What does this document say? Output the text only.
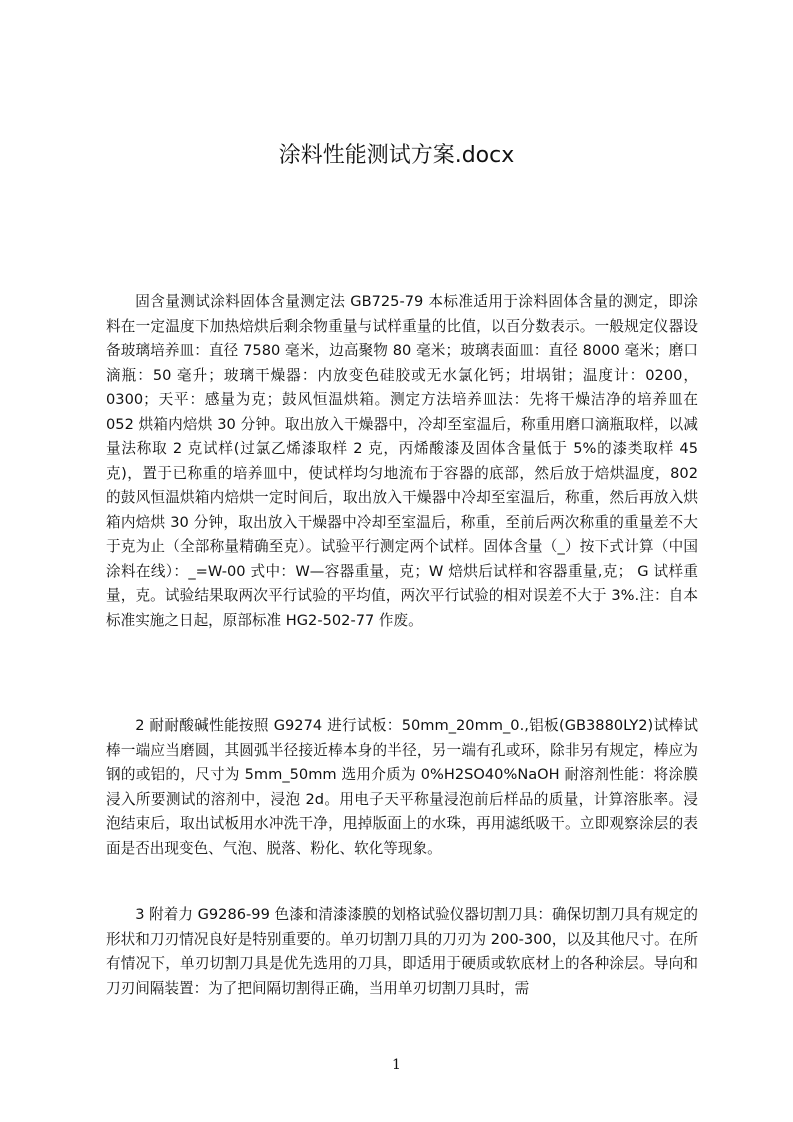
涂料性能测试方案.docx
固含量测试涂料固体含量测定法 GB725-79 本标准适用于涂料固体含量的测定，即涂料在一定温度下加热焙烘后剩余物重量与试样重量的比值，以百分数表示。一般规定仪器设备玻璃培养皿：直径 7580 毫米，边高聚物 80 毫米；玻璃表面皿：直径 8000 毫米；磨口滴瓶：50 毫升；玻璃干燥器：内放变色硅胶或无水氯化钙；坩埚钳；温度计：0200，0300；天平：感量为克；鼓风恒温烘箱。测定方法培养皿法：先将干燥洁净的培养皿在 052 烘箱内焙烘 30 分钟。取出放入干燥器中，冷却至室温后，称重用磨口滴瓶取样，以减量法称取 2 克试样(过氯乙烯漆取样 2 克，丙烯酸漆及固体含量低于 5%的漆类取样 45 克)，置于已称重的培养皿中，使试样均匀地流布于容器的底部，然后放于焙烘温度，802 的鼓风恒温烘箱内焙烘一定时间后，取出放入干燥器中冷却至室温后，称重，然后再放入烘箱内焙烘 30 分钟，取出放入干燥器中冷却至室温后，称重，至前后两次称重的重量差不大于克为止（全部称量精确至克）。试验平行测定两个试样。固体含量（_）按下式计算（中国涂料在线）：_=W-00 式中：W—容器重量，克；W 焙烘后试样和容器重量,克； G 试样重量，克。试验结果取两次平行试验的平均值，两次平行试验的相对误差不大于 3%.注：自本标准实施之日起，原部标准 HG2-502-77 作废。
2 耐耐酸碱性能按照 G9274 进行试板：50mm_20mm_0.,铝板(GB3880LY2)试棒试棒一端应当磨圆，其圆弧半径接近棒本身的半径，另一端有孔或环，除非另有规定，棒应为钢的或铝的，尺寸为 5mm_50mm 选用介质为 0%H2SO40%NaOH 耐溶剂性能：将涂膜浸入所要测试的溶剂中，浸泡 2d。用电子天平称量浸泡前后样品的质量，计算溶胀率。浸泡结束后，取出试板用水冲洗干净，甩掉版面上的水珠，再用滤纸吸干。立即观察涂层的表面是否出现变色、气泡、脱落、粉化、软化等现象。
3 附着力 G9286-99 色漆和清漆漆膜的划格试验仪器切割刀具：确保切割刀具有规定的形状和刀刃情况良好是特别重要的。单刃切割刀具的刀刃为 200-300，以及其他尺寸。在所有情况下，单刃切割刀具是优先选用的刀具，即适用于硬质或软底材上的各种涂层。导向和刀刃间隔装置：为了把间隔切割得正确，当用单刃切割刀具时，需
1
